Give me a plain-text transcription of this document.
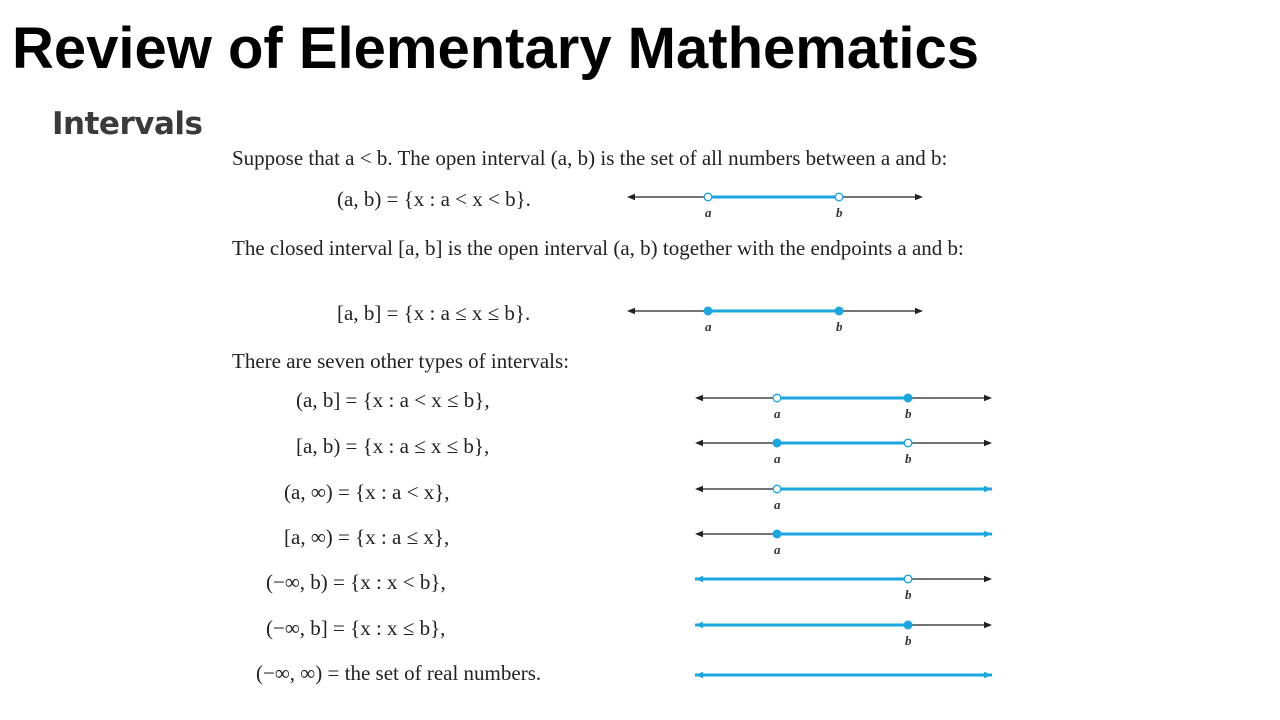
Review of Elementary Mathematics
Intervals
Suppose that a < b. The open interval (a, b) is the set of all numbers between a and b:
(a, b) = {x : a < x < b}.
The closed interval [a, b] is the open interval (a, b) together with the endpoints a and b:
[a, b] = {x : a ≤ x ≤ b}.
There are seven other types of intervals:
(a, b] = {x : a < x ≤ b},
[a, b) = {x : a ≤ x ≤ b},
(a, ∞) = {x : a < x},
[a, ∞) = {x : a ≤ x},
(−∞, b) = {x : x < b},
(−∞, b] = {x : x ≤ b},
(−∞, ∞) = the set of real numbers.
a	b
a	b
a	b
a	b
a
a
b
b
